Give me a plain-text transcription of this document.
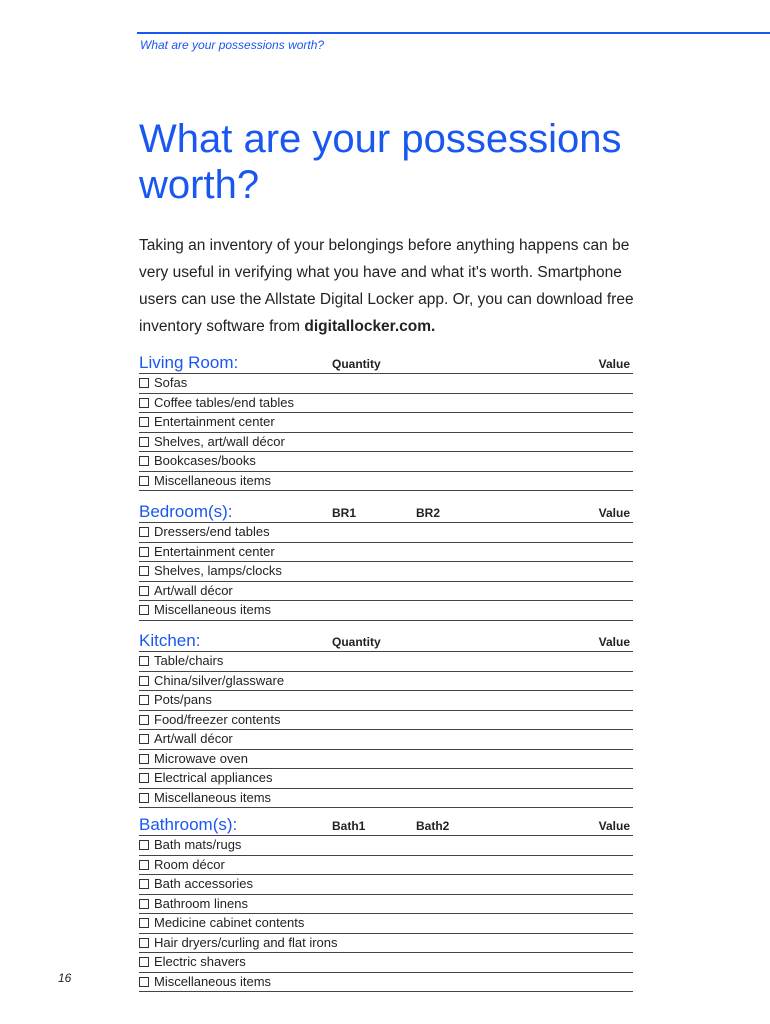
What are your possessions worth?
What are your possessions worth?

Taking an inventory of your belongings before anything happens can be very useful in verifying what you have and what it's worth. Smartphone users can use the Allstate Digital Locker app. Or, you can download free inventory software from digitallocker.com.

Living Room:	Quantity	Value
Sofas
Coffee tables/end tables
Entertainment center
Shelves, art/wall décor
Bookcases/books
Miscellaneous items
Bedroom(s):	BR1	BR2	Value
Dressers/end tables
Entertainment center
Shelves, lamps/clocks
Art/wall décor
Miscellaneous items
Kitchen:	Quantity	Value
Table/chairs
China/silver/glassware
Pots/pans
Food/freezer contents
Art/wall décor
Microwave oven
Electrical appliances
Miscellaneous items
Bathroom(s):	Bath1	Bath2	Value
Bath mats/rugs
Room décor
Bath accessories
Bathroom linens
Medicine cabinet contents
Hair dryers/curling and flat irons
Electric shavers
Miscellaneous items
16
